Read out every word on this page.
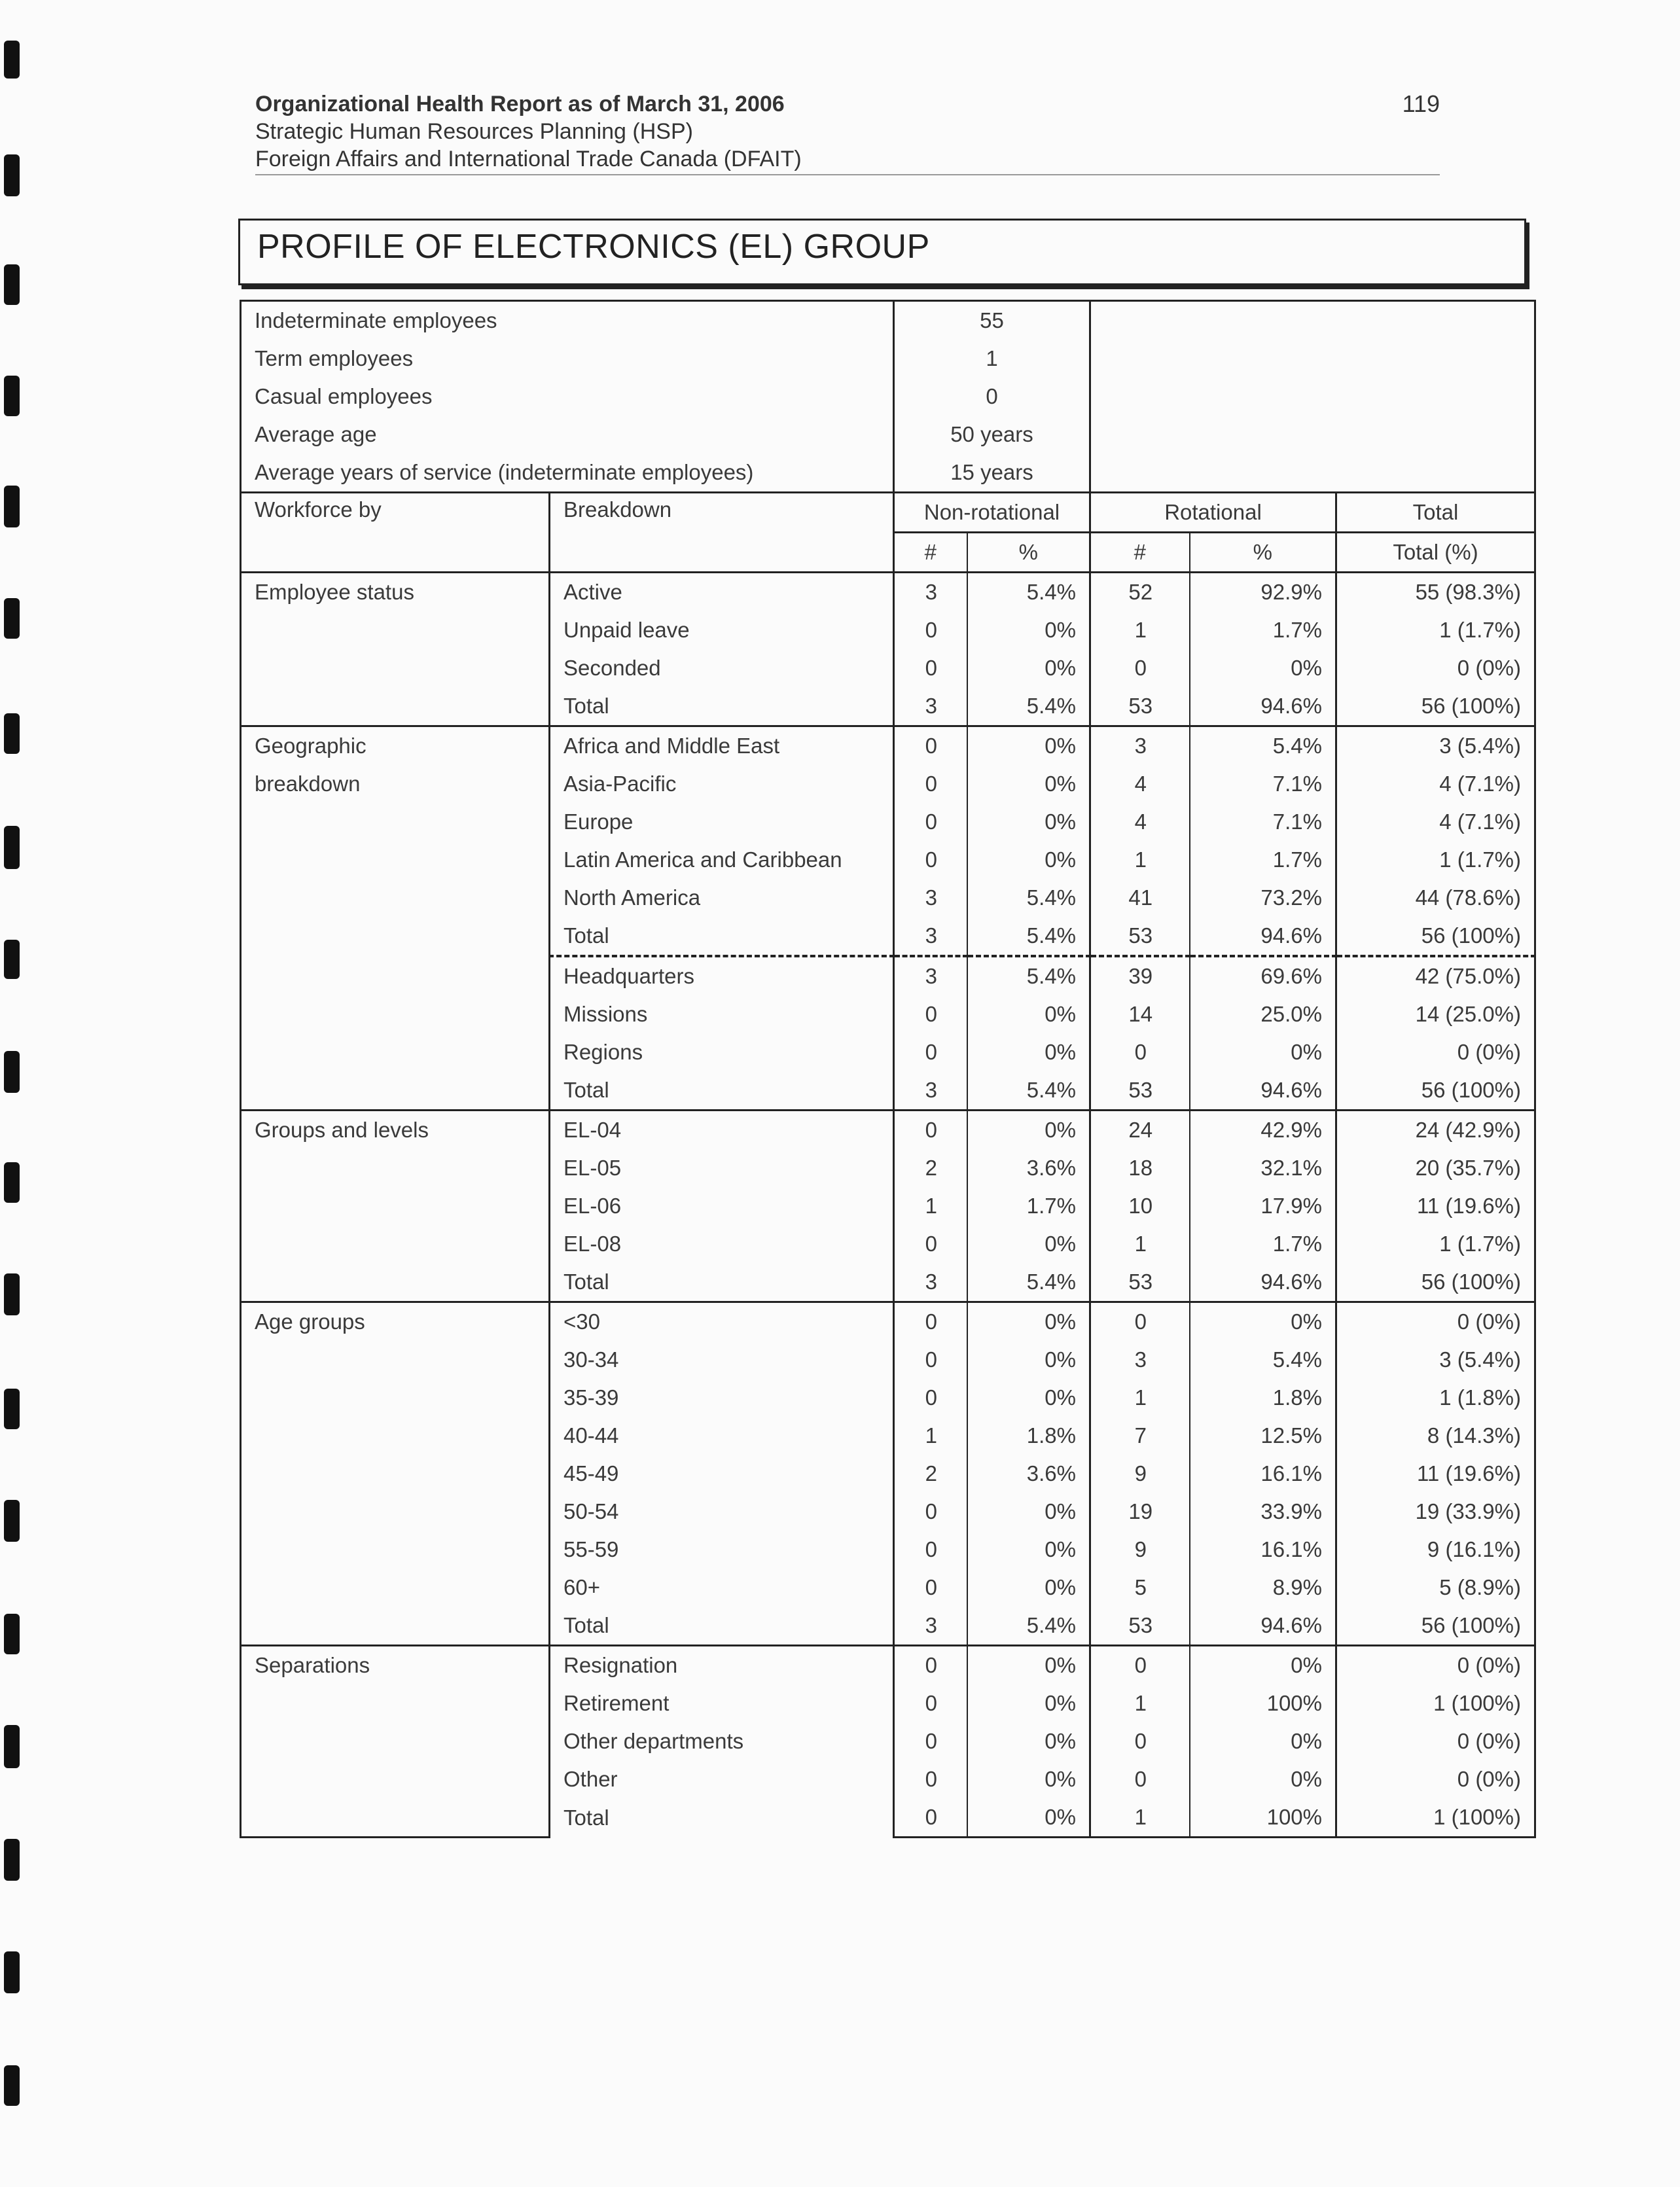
Organizational Health Report as of March 31, 2006
Strategic Human Resources Planning (HSP)
Foreign Affairs and International Trade Canada (DFAIT)
119
PROFILE OF ELECTRONICS (EL) GROUP
Indeterminate employees		55				
Term employees		1				
Casual employees		0				
Average age		50 years				
Average years of service (indeterminate employees)		15 years				
Workforce by	Breakdown	Non-rotational		Rotational		Total
		#	%	#	%	Total (%)
Employee status	Active	3	5.4%	52	92.9%	55 (98.3%)
	Unpaid leave	0	0%	1	1.7%	1 (1.7%)
	Seconded	0	0%	0	0%	0 (0%)
	Total	3	5.4%	53	94.6%	56 (100%)
Geographic	Africa and Middle East	0	0%	3	5.4%	3 (5.4%)
breakdown	Asia-Pacific	0	0%	4	7.1%	4 (7.1%)
	Europe	0	0%	4	7.1%	4 (7.1%)
	Latin America and Caribbean	0	0%	1	1.7%	1 (1.7%)
	North America	3	5.4%	41	73.2%	44 (78.6%)
	Total	3	5.4%	53	94.6%	56 (100%)
	Headquarters	3	5.4%	39	69.6%	42 (75.0%)
	Missions	0	0%	14	25.0%	14 (25.0%)
	Regions	0	0%	0	0%	0 (0%)
	Total	3	5.4%	53	94.6%	56 (100%)
Groups and levels	EL-04	0	0%	24	42.9%	24 (42.9%)
	EL-05	2	3.6%	18	32.1%	20 (35.7%)
	EL-06	1	1.7%	10	17.9%	11 (19.6%)
	EL-08	0	0%	1	1.7%	1 (1.7%)
	Total	3	5.4%	53	94.6%	56 (100%)
Age groups	<30	0	0%	0	0%	0 (0%)
	30-34	0	0%	3	5.4%	3 (5.4%)
	35-39	0	0%	1	1.8%	1 (1.8%)
	40-44	1	1.8%	7	12.5%	8 (14.3%)
	45-49	2	3.6%	9	16.1%	11 (19.6%)
	50-54	0	0%	19	33.9%	19 (33.9%)
	55-59	0	0%	9	16.1%	9 (16.1%)
	60+	0	0%	5	8.9%	5 (8.9%)
	Total	3	5.4%	53	94.6%	56 (100%)
Separations	Resignation	0	0%	0	0%	0 (0%)
	Retirement	0	0%	1	100%	1 (100%)
	Other departments	0	0%	0	0%	0 (0%)
	Other	0	0%	0	0%	0 (0%)
	Total	0	0%	1	100%	1 (100%)
